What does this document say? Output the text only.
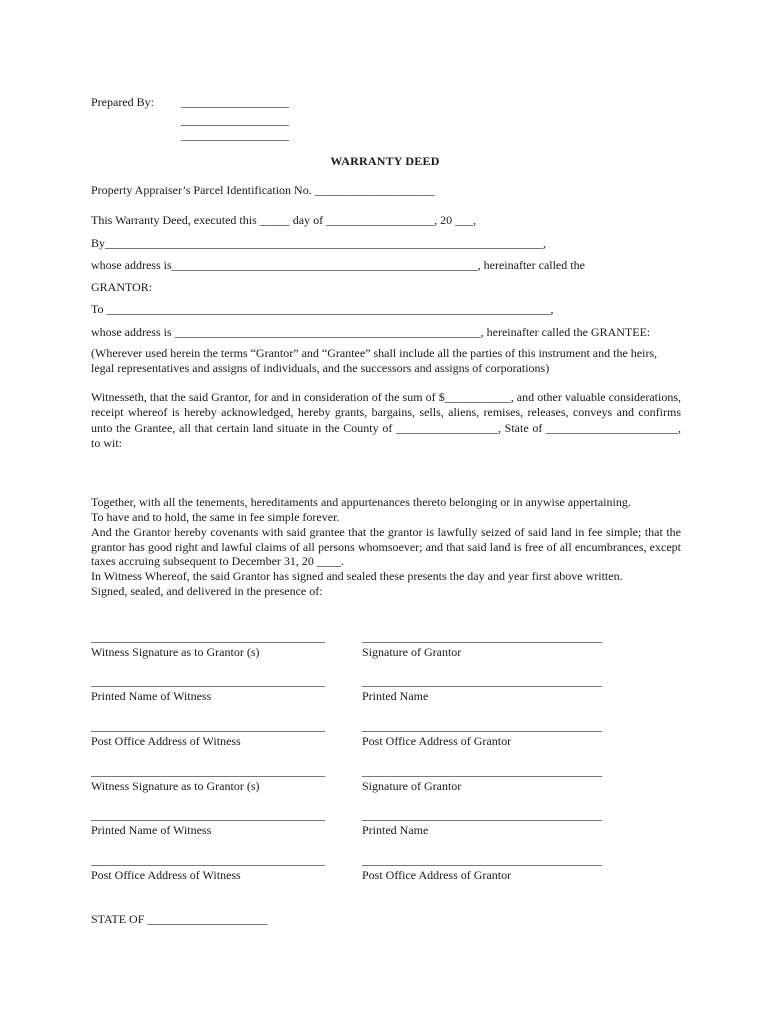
Prepared By: __________________
__________________
__________________
WARRANTY DEED
Property Appraiser’s Parcel Identification No. ____________________
This Warranty Deed, executed this _____ day of __________________, 20 ___,
By_________________________________________________________________________,
whose address is___________________________________________________, hereinafter called the
GRANTOR:
To __________________________________________________________________________,
whose address is ___________________________________________________, hereinafter called the GRANTEE:
(Wherever used herein the terms “Grantor” and “Grantee” shall include all the parties of this instrument and the heirs, legal representatives and assigns of individuals, and the successors and assigns of corporations)
Witnesseth, that the said Grantor, for and in consideration of the sum of $___________, and other valuable considerations, receipt whereof is hereby acknowledged, hereby grants, bargains, sells, aliens, remises, releases, conveys and confirms unto the Grantee, all that certain land situate in the County of _________________, State of ______________________, to wit:
Together, with all the tenements, hereditaments and appurtenances thereto belonging or in anywise appertaining.
To have and to hold, the same in fee simple forever.
And the Grantor hereby covenants with said grantee that the grantor is lawfully seized of said land in fee simple; that the grantor has good right and lawful claims of all persons whomsoever; and that said land is free of all encumbrances, except taxes accruing subsequent to December 31, 20 ____.
In Witness Whereof, the said Grantor has signed and sealed these presents the day and year first above written.
Signed, sealed, and delivered in the presence of:
_______________________________________
Witness Signature as to Grantor (s)
________________________________________
Signature of Grantor
_______________________________________
Printed Name of Witness
________________________________________
Printed Name
_______________________________________
Post Office Address of Witness
________________________________________
Post Office Address of Grantor
_______________________________________
Witness Signature as to Grantor (s)
________________________________________
Signature of Grantor
_______________________________________
Printed Name of Witness
________________________________________
Printed Name
_______________________________________
Post Office Address of Witness
________________________________________
Post Office Address of Grantor
STATE OF ____________________
